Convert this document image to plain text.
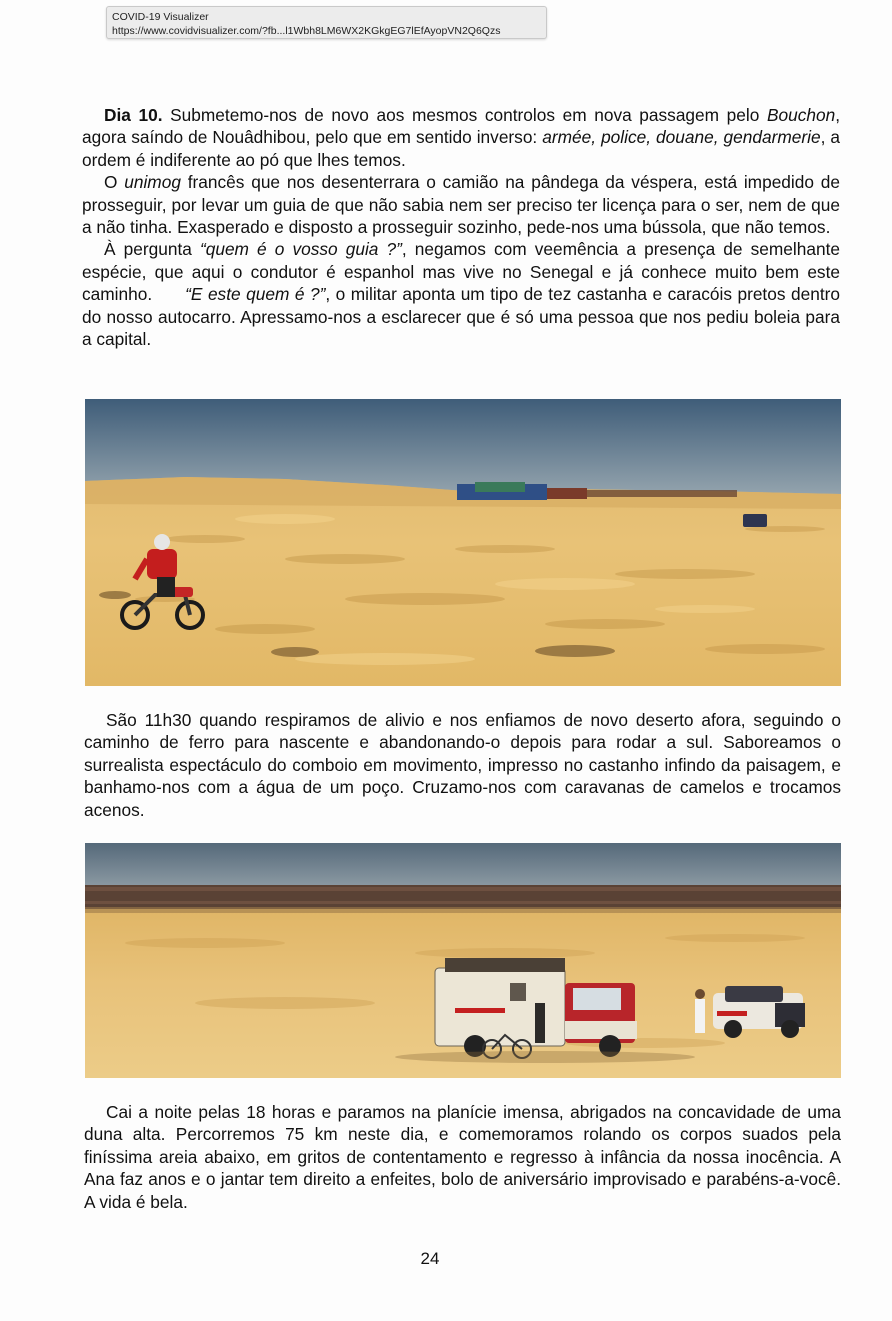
Dia 10. Submetemo-nos de novo aos mesmos controlos em nova passagem pelo Bouchon, agora saíndo de Nouâdhibou, pelo que em sentido inverso: armée, police, douane, gendarmerie, a ordem é indiferente ao pó que lhes temos.

O unimog francês que nos desenterrara o camião na pândega da véspera, está impedido de prosseguir, por levar um guia de que não sabia nem ser preciso ter licença para o ser, nem de que a não tinha. Exasperado e disposto a prosseguir sozinho, pede-nos uma bússola, que não temos.

À pergunta “quem é o vosso guia ?”, negamos com veemência a presença de semelhante espécie, que aqui o condutor é espanhol mas vive no Senegal e já conhece muito bem este caminho.      “E este quem é ?”, o militar aponta um tipo de tez castanha e caracóis pretos dentro do nosso autocarro. Apressamo-nos a esclarecer que é só uma pessoa que nos pediu boleia para a capital.

São 11h30 quando respiramos de alivio e nos enfiamos de novo deserto afora, seguindo o caminho de ferro para nascente e abandonando-o depois para rodar a sul. Saboreamos o surrealista espectáculo do comboio em movimento, impresso no castanho infindo da paisagem, e banhamo-nos com a água de um poço. Cruzamo-nos com caravanas de camelos e trocamos acenos.

Cai a noite pelas 18 horas e paramos na planície imensa, abrigados na concavidade de uma duna alta. Percorremos 75 km neste dia, e comemoramos rolando os corpos suados pela finíssima areia abaixo, em gritos de contentamento e regresso à infância da nossa inocência. A Ana faz anos e o jantar tem direito a enfeites, bolo de aniversário improvisado e parabéns-a-você. A vida é bela.

24
COVID-19 Visualizer
https://www.covidvisualizer.com/?fb...l1Wbh8LM6WX2KGkgEG7lEfAyopVN2Q6Qzs
